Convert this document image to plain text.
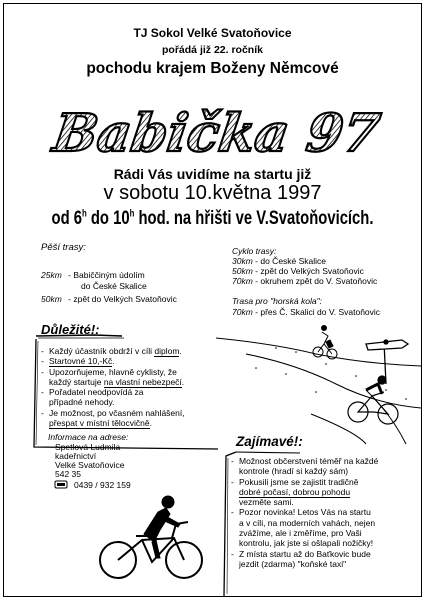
TJ Sokol Velké Svatoňovice
pořádá již 22. ročník
pochodu krajem Boženy Němcové
Babička 97
Rádi Vás uvidíme na startu již
v sobotu 10.května 1997
od 6$^h$ do 10$^h$ hod. na hřišti ve V.Svatoňovicích.
Pěší trasy:
25km - Babiččiným údolím
do České Skalice
50km - zpět do Velkých Svatoňovic
Cyklo trasy:
30km - do České Skalice
50km - zpět do Velkých Svatoňovic
70km - okruhem zpět do V. Svatoňovic
Trasa pro "horská kola":
70km - přes Č. Skalici do V. Svatoňovic
Důležité!:
- Každý účastník obdrží v cíli diplom.
- Startovné 10,-Kč.
- Upozorňujeme, hlavně cyklisty, že
každý startuje na vlastní nebezpečí.
- Pořadatel neodpovídá za
případné nehody.
- Je možnost, po včasném nahlášení,
přespat v místní tělocvičně.
Informace na adrese:
Spetlová Ludmila
kadeřnictví
Velké Svatoňovice
542 35
0439 / 932 159
Zajímavé!:
- Možnost občerstvení téměř na každé
kontrole (hradí si každý sám)
- Pokusili jsme se zajistit tradičně
dobré počasí, dobrou pohodu
vezměte sami.
- Pozor novinka! Letos Vás na startu
a v cíli, na moderních vahách, nejen
zvážíme, ale i změříme, pro Vaši
kontrolu, jak jste si ošlapali nožičky!
- Z místa startu až do Baťkovic bude
jezdit (zdarma) "koňské taxi"
